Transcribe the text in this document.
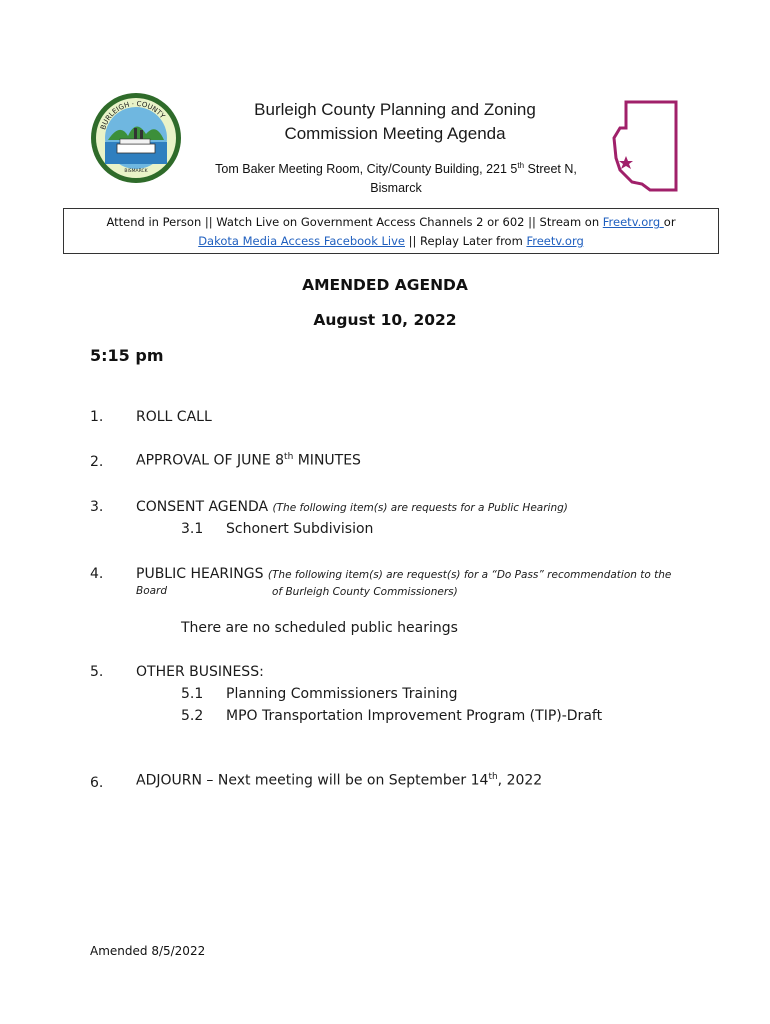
BURLEIGH · COUNTY
BISMARCK
Burleigh County Planning and Zoning
Commission Meeting Agenda
Tom Baker Meeting Room, City/County Building, 221 5th Street N,
Bismarck
Attend in Person || Watch Live on Government Access Channels 2 or 602 || Stream on Freetv.org or
Dakota Media Access Facebook Live || Replay Later from Freetv.org
AMENDED AGENDA
August 10, 2022
5:15 pm
1. ROLL CALL
2. APPROVAL OF JUNE 8th MINUTES
3. CONSENT AGENDA (The following item(s) are requests for a Public Hearing)
3.1 Schonert Subdivision
4. PUBLIC HEARINGS (The following item(s) are request(s) for a “Do Pass” recommendation to the Board	of Burleigh County Commissioners)
There are no scheduled public hearings
5. OTHER BUSINESS:
5.1 Planning Commissioners Training
5.2 MPO Transportation Improvement Program (TIP)-Draft
6. ADJOURN – Next meeting will be on September 14th, 2022
Amended 8/5/2022
